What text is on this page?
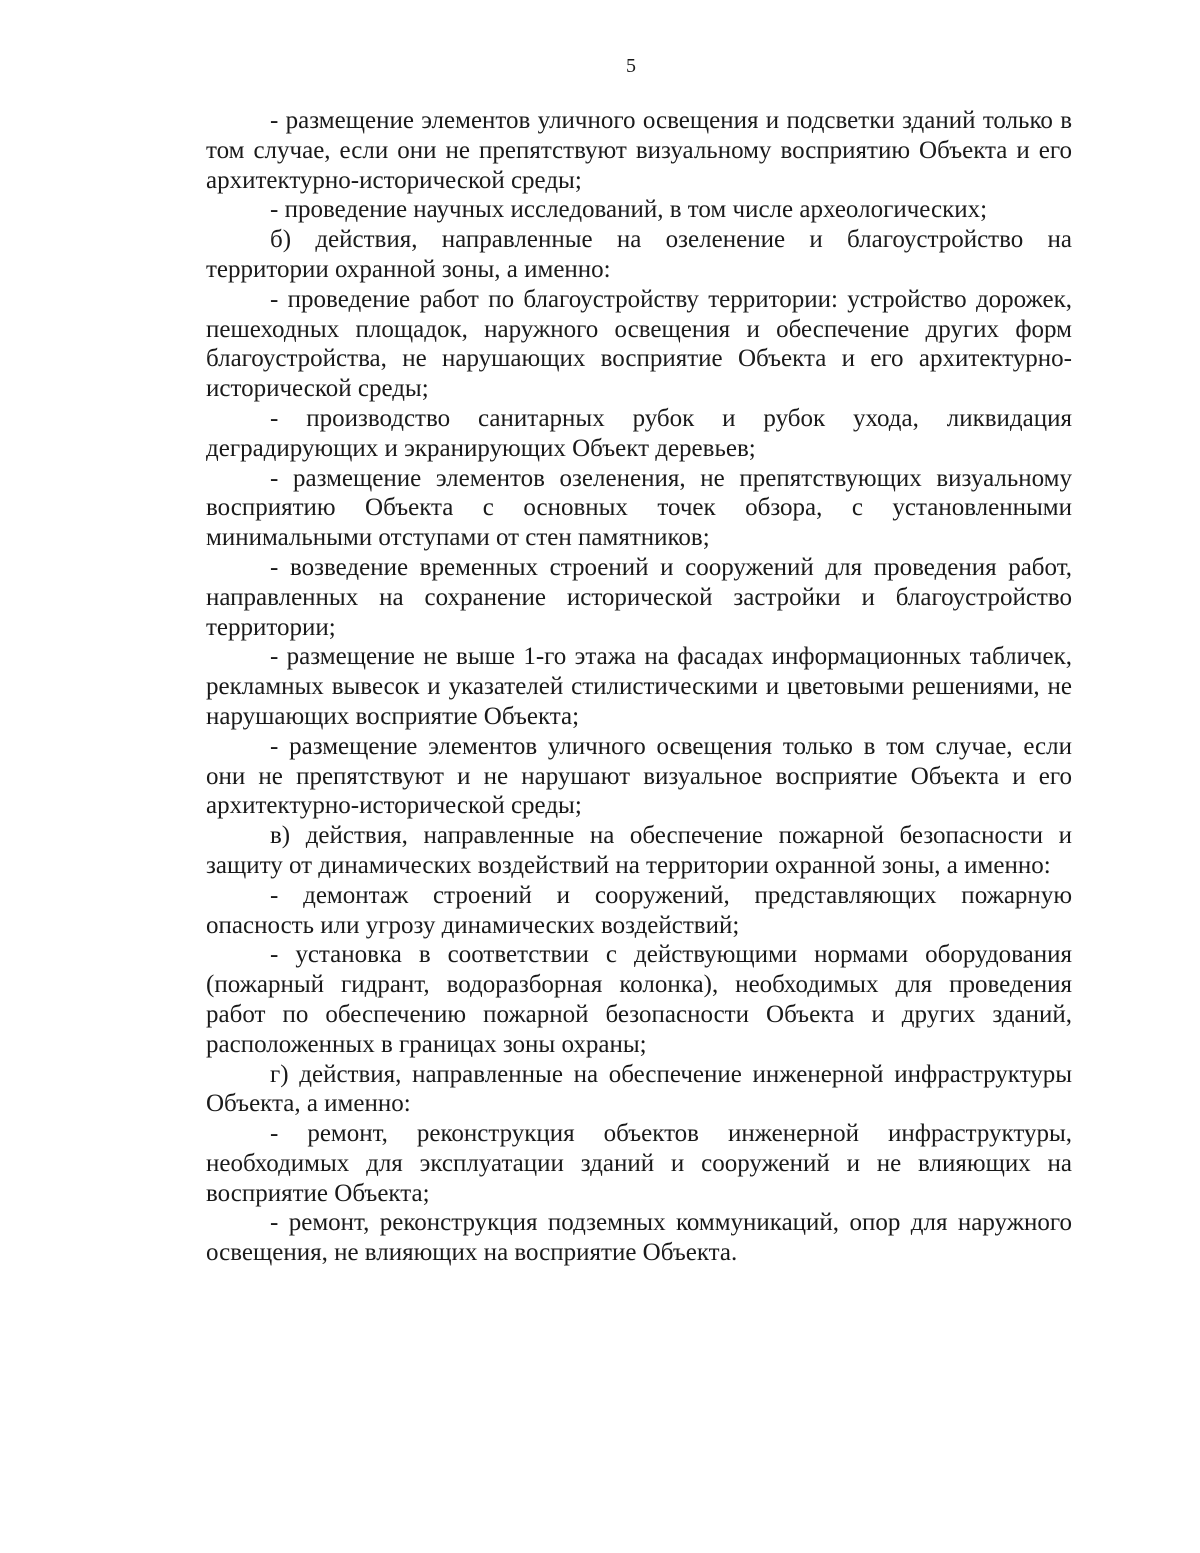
5

- размещение элементов уличного освещения и подсветки зданий только в том случае, если они не препятствуют визуальному восприятию Объекта и его архитектурно-исторической среды;

- проведение научных исследований, в том числе археологических;

б) действия, направленные на озеленение и благоустройство на территории охранной зоны, а именно:

- проведение работ по благоустройству территории: устройство дорожек, пешеходных площадок, наружного освещения и обеспечение других форм благоустройства, не нарушающих восприятие Объекта и его архитектурно-исторической среды;

- производство санитарных рубок и рубок ухода, ликвидация деградирующих и экранирующих Объект деревьев;

- размещение элементов озеленения, не препятствующих визуальному восприятию Объекта с основных точек обзора, с установленными минимальными отступами от стен памятников;

- возведение временных строений и сооружений для проведения работ, направленных на сохранение исторической застройки и благоустройство территории;

- размещение не выше 1-го этажа на фасадах информационных табличек, рекламных вывесок и указателей стилистическими и цветовыми решениями, не нарушающих восприятие Объекта;

- размещение элементов уличного освещения только в том случае, если они не препятствуют и не нарушают визуальное восприятие Объекта и его архитектурно-исторической среды;

в) действия, направленные на обеспечение пожарной безопасности и защиту от динамических воздействий на территории охранной зоны, а именно:

- демонтаж строений и сооружений, представляющих пожарную опасность или угрозу динамических воздействий;

- установка в соответствии с действующими нормами оборудования (пожарный гидрант, водоразборная колонка), необходимых для проведения работ по обеспечению пожарной безопасности Объекта и других зданий, расположенных в границах зоны охраны;

г) действия, направленные на обеспечение инженерной инфраструктуры Объекта, а именно:

- ремонт, реконструкция объектов инженерной инфраструктуры, необходимых для эксплуатации зданий и сооружений и не влияющих на восприятие Объекта;

- ремонт, реконструкция подземных коммуникаций, опор для наружного освещения, не влияющих на восприятие Объекта.
